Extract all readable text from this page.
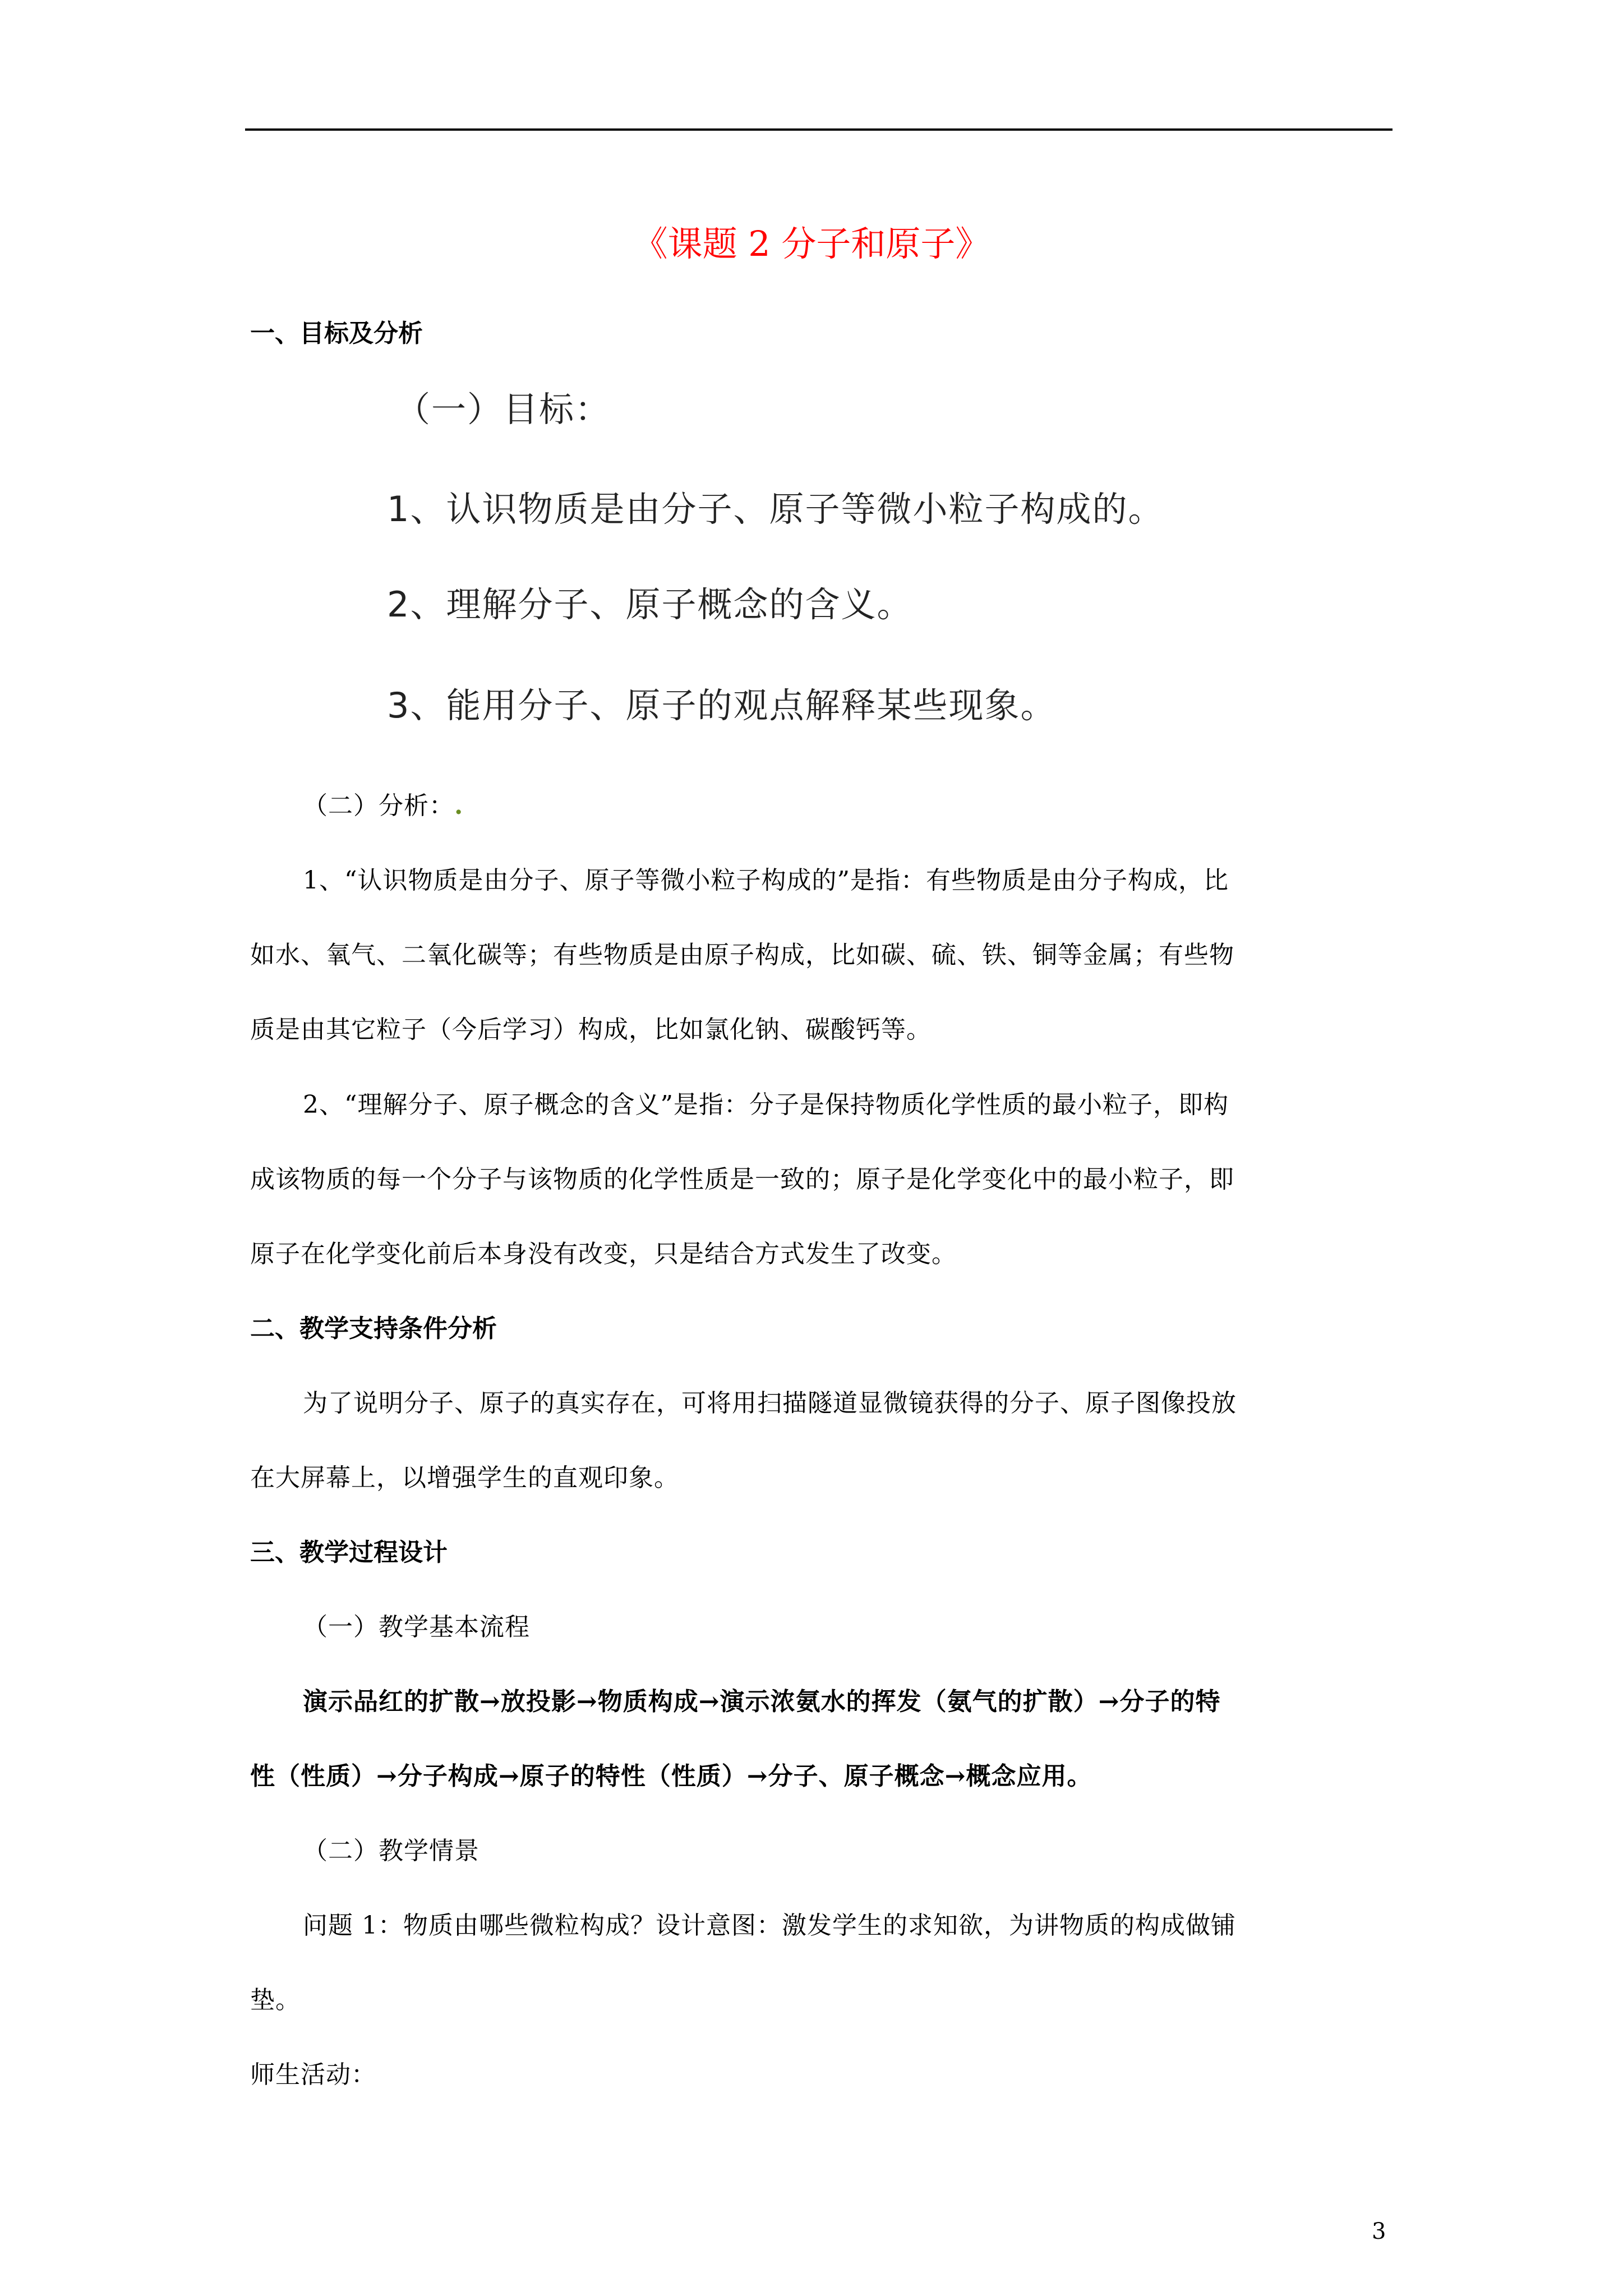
《课题 2 分子和原子》
一、目标及分析
（一）目标：
1、认识物质是由分子、原子等微小粒子构成的。
2、理解分子、原子概念的含义。
3、能用分子、原子的观点解释某些现象。
（二）分析：.
1、“认识物质是由分子、原子等微小粒子构成的”是指：有些物质是由分子构成，比
如水、氧气、二氧化碳等；有些物质是由原子构成，比如碳、硫、铁、铜等金属；有些物
质是由其它粒子（今后学习）构成，比如氯化钠、碳酸钙等。
2、“理解分子、原子概念的含义”是指：分子是保持物质化学性质的最小粒子，即构
成该物质的每一个分子与该物质的化学性质是一致的；原子是化学变化中的最小粒子，即
原子在化学变化前后本身没有改变，只是结合方式发生了改变。
二、教学支持条件分析
为了说明分子、原子的真实存在，可将用扫描隧道显微镜获得的分子、原子图像投放
在大屏幕上，以增强学生的直观印象。
三、教学过程设计
（一）教学基本流程
演示品红的扩散→放投影→物质构成→演示浓氨水的挥发（氨气的扩散）→分子的特
性（性质）→分子构成→原子的特性（性质）→分子、原子概念→概念应用。
（二）教学情景
问题 1：物质由哪些微粒构成？设计意图：激发学生的求知欲，为讲物质的构成做铺
垫。
师生活动：
3
